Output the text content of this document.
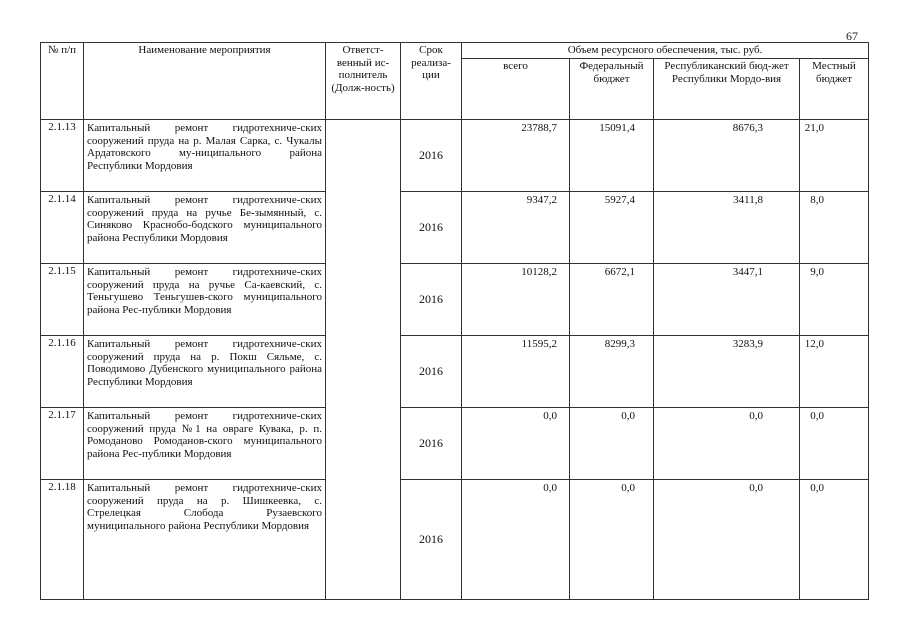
67
№ п/п	Наименование мероприятия	Ответст-венный ис-полнитель (Долж-ность)	Срок реализа-ции	Объем ресурсного обеспечения, тыс. руб.			
				всего	Федеральный бюджет	Республиканский бюд-жет Республики Мордо-вия	Местный бюджет
2.1.13	Капитальный ремонт гидротехниче-ских сооружений пруда на р. Малая Сарка, с. Чукалы Ардатовского му-ниципального района Республики Мордовия		2016	23788,7	15091,4	8676,3	21,0
2.1.14	Капитальный ремонт гидротехниче-ских сооружений пруда на ручье Бе-зымянный, с. Синяково Краснобо-бодского муниципального района Республики Мордовия		2016	9347,2	5927,4	3411,8	8,0
2.1.15	Капитальный ремонт гидротехниче-ских сооружений пруда на ручье Са-каевский, с. Теньгушево Теньгушев-ского муниципального района Рес-публики Мордовия		2016	10128,2	6672,1	3447,1	9,0
2.1.16	Капитальный ремонт гидротехниче-ских сооружений пруда на р. Покш Сяльме, с. Поводимово Дубенского муниципального района Республики Мордовия		2016	11595,2	8299,3	3283,9	12,0
2.1.17	Капитальный ремонт гидротехниче-ских сооружений пруда №1 на овраге Кувака, р. п. Ромоданово Ромоданов-ского муниципального района Рес-публики Мордовия		2016	0,0	0,0	0,0	0,0
2.1.18	Капитальный ремонт гидротехниче-ских сооружений пруда на р. Шишкеевка, с. Стрелецкая Слобода Рузаевского муниципального района Республики Мордовия		2016	0,0	0,0	0,0	0,0
